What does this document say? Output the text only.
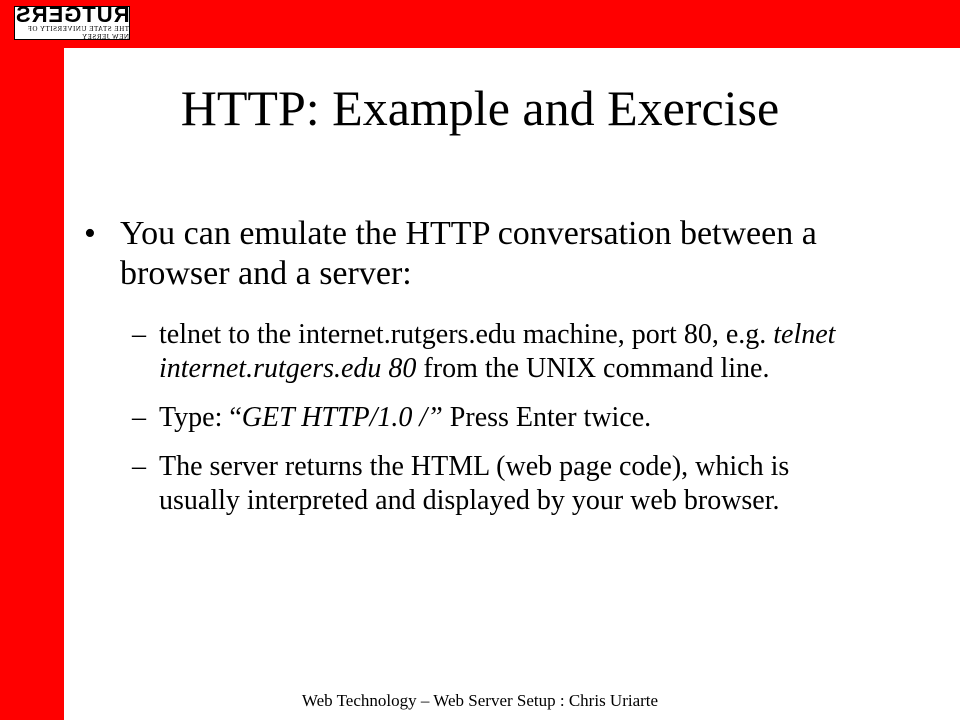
RUTGERS
THE STATE UNIVERSITY OF NEW JERSEY
HTTP: Example and Exercise
• You can emulate the HTTP conversation between a browser and a server:
– telnet to the internet.rutgers.edu machine, port 80, e.g. telnet internet.rutgers.edu 80 from the UNIX command line.
– Type: “GET HTTP/1.0 /” Press Enter twice.
– The server returns the HTML (web page code), which is usually interpreted and displayed by your web browser.
Web Technology – Web Server Setup : Chris Uriarte
